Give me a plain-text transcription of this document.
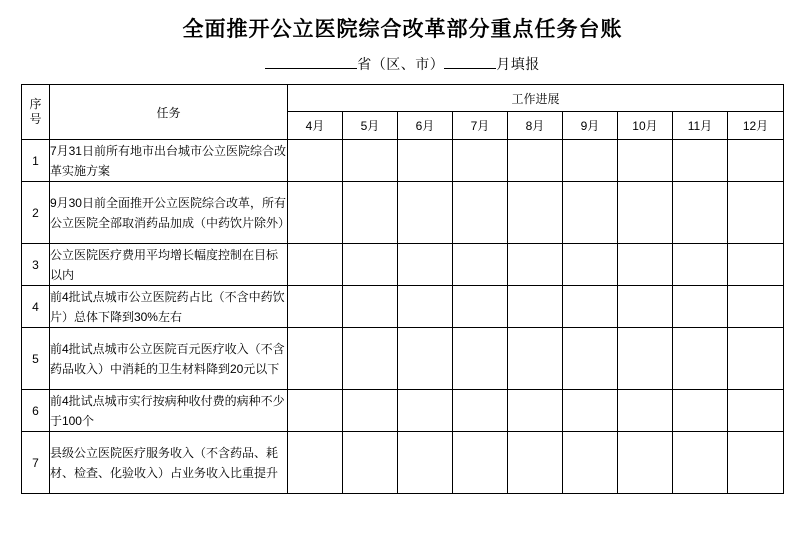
全面推开公立医院综合改革部分重点任务台账
省（区、市）	月填报
序
号	任务	工作进展								
		4月	5月	6月	7月	8月	9月	10月	11月	12月
1	7月31日前所有地市出台城市公立医院综合改革实施方案									
2	9月30日前全面推开公立医院综合改革，所有公立医院全部取消药品加成（中药饮片除外）									
3	公立医院医疗费用平均增长幅度控制在目标以内									
4	前4批试点城市公立医院药占比（不含中药饮片）总体下降到30%左右									
5	前4批试点城市公立医院百元医疗收入（不含药品收入）中消耗的卫生材料降到20元以下									
6	前4批试点城市实行按病种收付费的病种不少于100个									
7	县级公立医院医疗服务收入（不含药品、耗材、检查、化验收入）占业务收入比重提升									
